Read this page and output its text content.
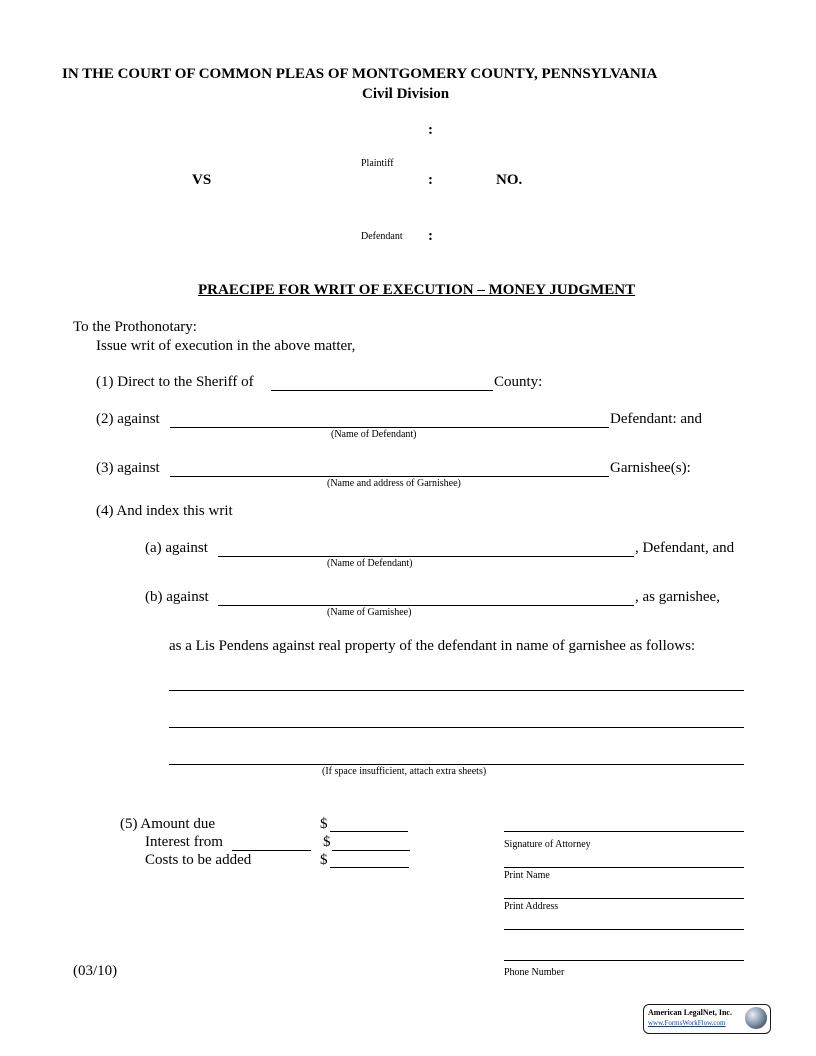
IN THE COURT OF COMMON PLEAS OF MONTGOMERY COUNTY, PENNSYLVANIA
Civil Division
:
Plaintiff
VS	:	NO.
Defendant :
PRAECIPE FOR WRIT OF EXECUTION – MONEY JUDGMENT
To the Prothonotary:
Issue writ of execution in the above matter,
(1) Direct to the Sheriff of	County:
(2) against	Defendant: and
(Name of Defendant)
(3) against	Garnishee(s):
(Name and address of Garnishee)
(4) And index this writ
(a) against	, Defendant, and
(Name of Defendant)
(b) against	, as garnishee,
(Name of Garnishee)
as a Lis Pendens against real property of the defendant in name of garnishee as follows:
(If space insufficient, attach extra sheets)
(5) Amount due	$
Interest from	$
Costs to be added	$
Signature of Attorney
Print Name
Print Address
Phone Number
(03/10)
American LegalNet, Inc.
www.FormsWorkFlow.com
